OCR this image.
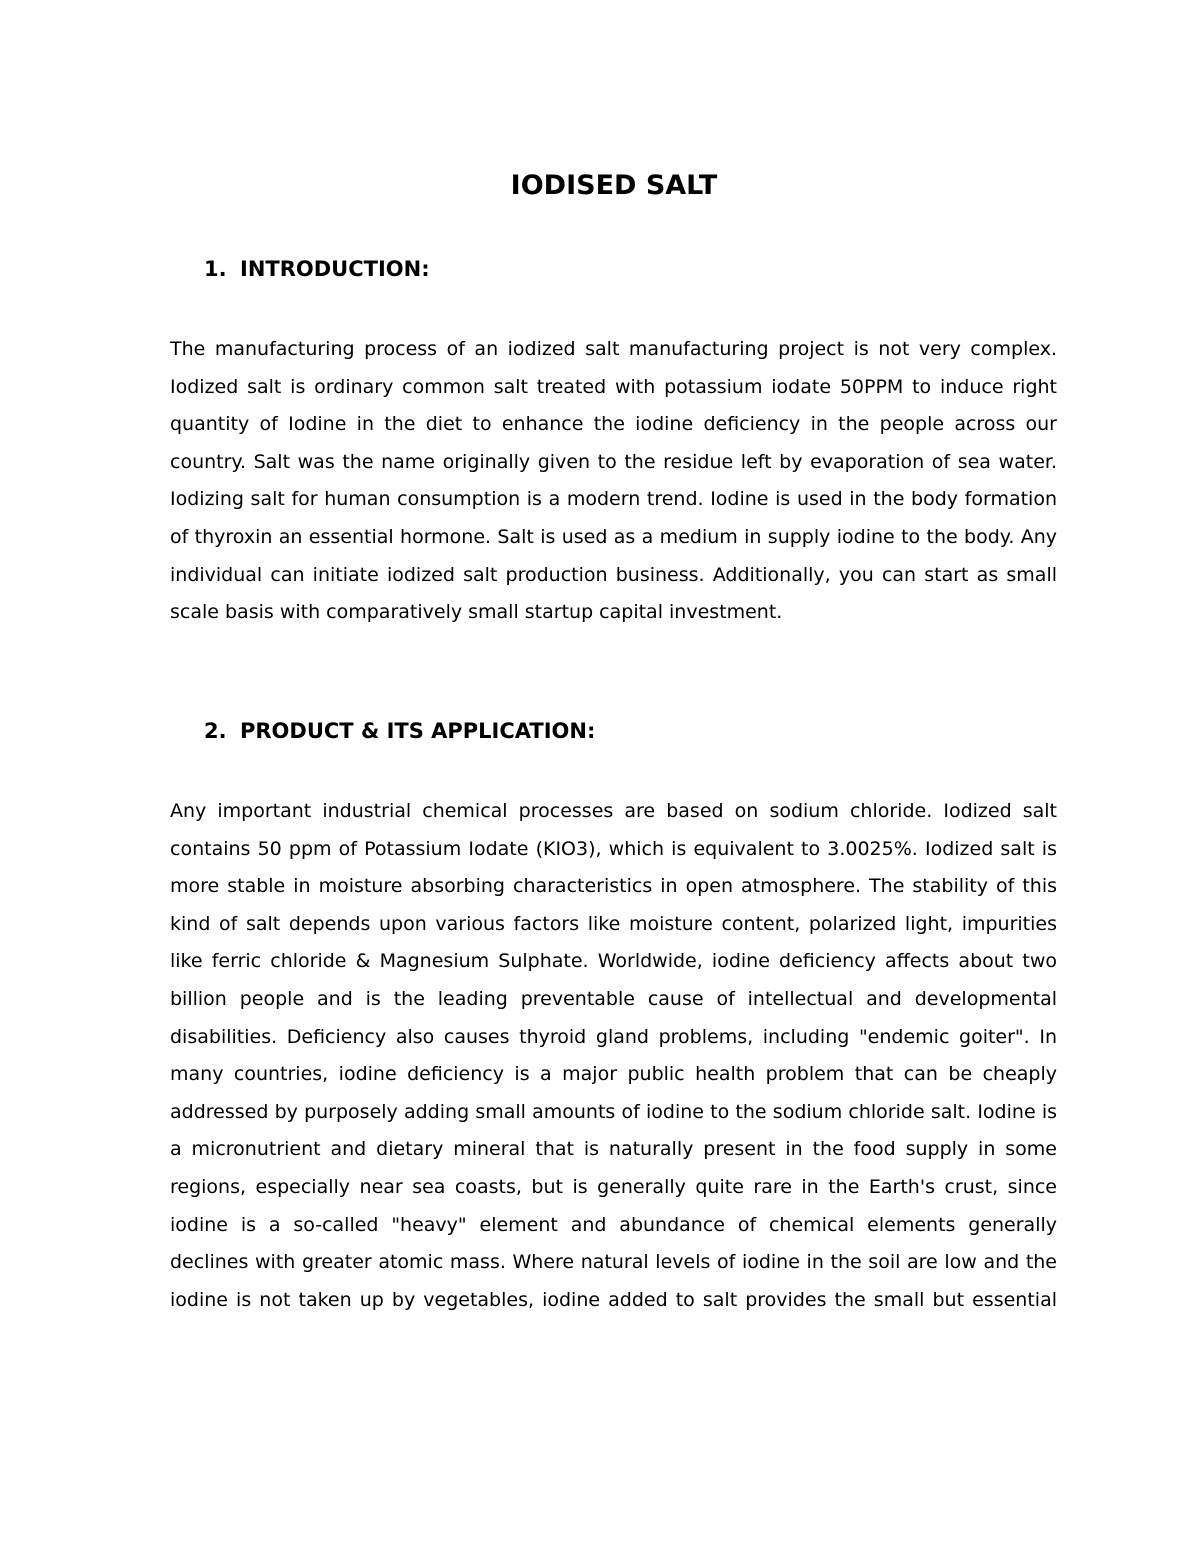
IODISED SALT
1. INTRODUCTION:

The manufacturing process of an iodized salt manufacturing project is not very complex. Iodized salt is ordinary common salt treated with potassium iodate 50PPM to induce right quantity of Iodine in the diet to enhance the iodine deficiency in the people across our country. Salt was the name originally given to the residue left by evaporation of sea water. Iodizing salt for human consumption is a modern trend. Iodine is used in the body formation of thyroxin an essential hormone. Salt is used as a medium in supply iodine to the body. Any individual can initiate iodized salt production business. Additionally, you can start as small scale basis with comparatively small startup capital investment.

2. PRODUCT & ITS APPLICATION:

Any important industrial chemical processes are based on sodium chloride. Iodized salt contains 50 ppm of Potassium Iodate (KIO3), which is equivalent to 3.0025%. Iodized salt is more stable in moisture absorbing characteristics in open atmosphere. The stability of this kind of salt depends upon various factors like moisture content, polarized light, impurities like ferric chloride & Magnesium Sulphate. Worldwide, iodine deficiency affects about two billion people and is the leading preventable cause of intellectual and developmental disabilities. Deficiency also causes thyroid gland problems, including "endemic goiter". In many countries, iodine deficiency is a major public health problem that can be cheaply addressed by purposely adding small amounts of iodine to the sodium chloride salt. Iodine is a micronutrient and dietary mineral that is naturally present in the food supply in some regions, especially near sea coasts, but is generally quite rare in the Earth's crust, since iodine is a so-called "heavy" element and abundance of chemical elements generally declines with greater atomic mass. Where natural levels of iodine in the soil are low and the iodine is not taken up by vegetables, iodine added to salt provides the small but essential
